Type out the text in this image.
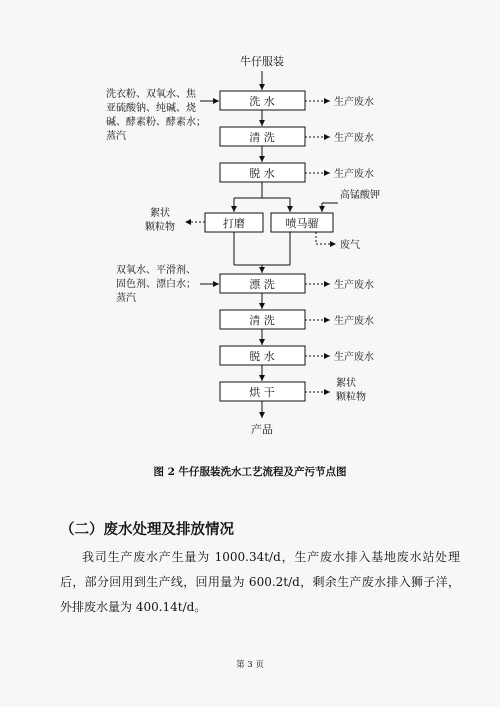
牛仔服装
洗 水
洗衣粉、双氧水、焦
亚硫酸钠、纯碱、烧
碱、酵素粉、酵素水；
蒸汽
生产废水
清 洗	生产废水
脱 水	生产废水
高锰酸钾
打磨	喷马骝
絮状
颗粒物
废气
双氧水、平滑剂、
固色剂、漂白水；
蒸汽
漂 洗	生产废水
清 洗	生产废水
脱 水	生产废水
烘 干
絮状
颗粒物
产品
图 2 牛仔服装洗水工艺流程及产污节点图
（二）废水处理及排放情况
我司生产废水产生量为 1000.34t/d，生产废水排入基地废水站处理后，部分回用到生产线，回用量为 600.2t/d，剩余生产废水排入狮子洋，外排废水量为 400.14t/d。
第 3 页
